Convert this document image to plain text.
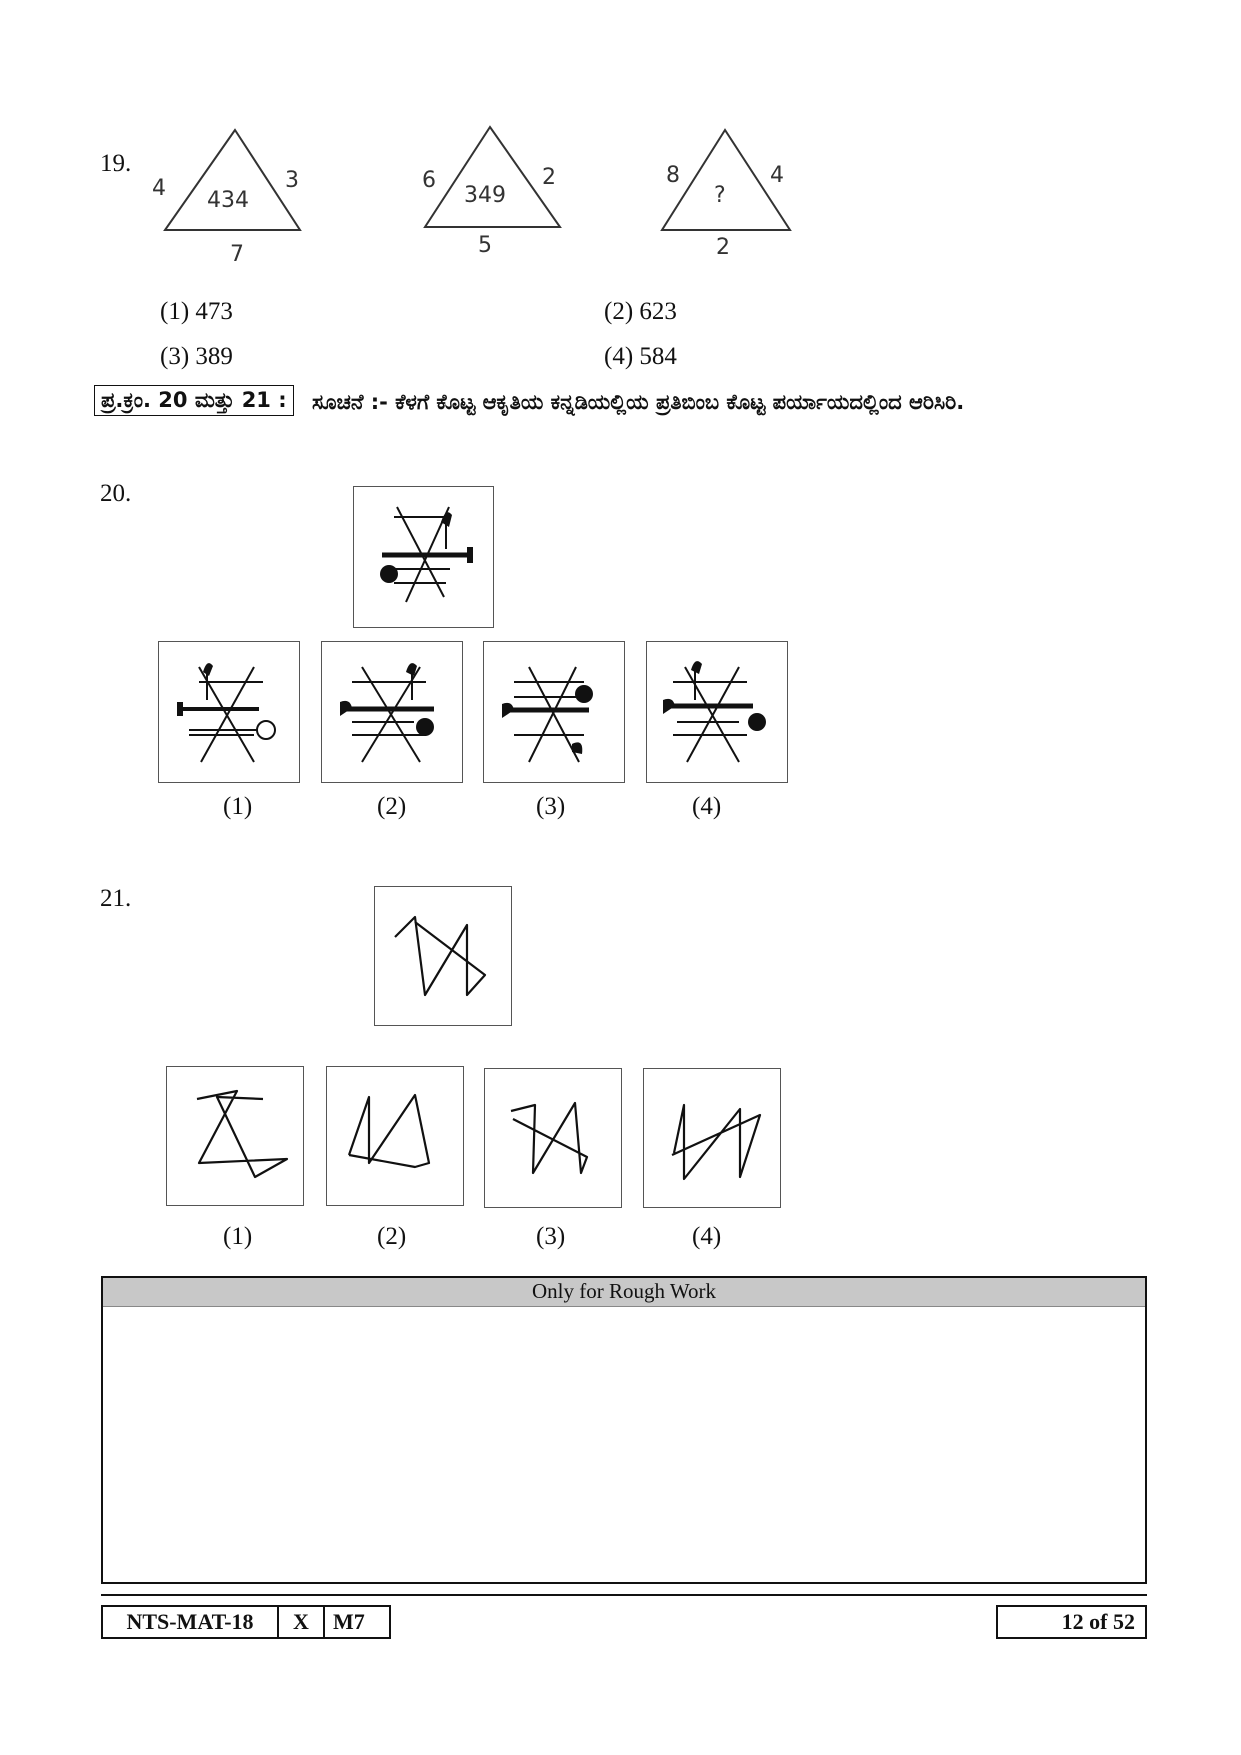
19.
4	3
7
434
6	2
5
349
8	4
2
?
(1) 473	(2) 623
(3) 389	(4) 584
ಪ್ರ.ಕ್ರಂ. 20 ಮತ್ತು 21 :	ಸೂಚನೆ :- ಕೆಳಗೆ ಕೊಟ್ಟ ಆಕೃತಿಯ ಕನ್ನಡಿಯಲ್ಲಿಯ ಪ್ರತಿಬಿಂಬ ಕೊಟ್ಟ ಪರ್ಯಾಯದಲ್ಲಿಂದ ಆರಿಸಿರಿ.
20.
(1)	(2)	(3)	(4)
21.
(1)	(2)	(3)	(4)
Only for Rough Work
NTS-MAT-18	X	M7	12 of 52
